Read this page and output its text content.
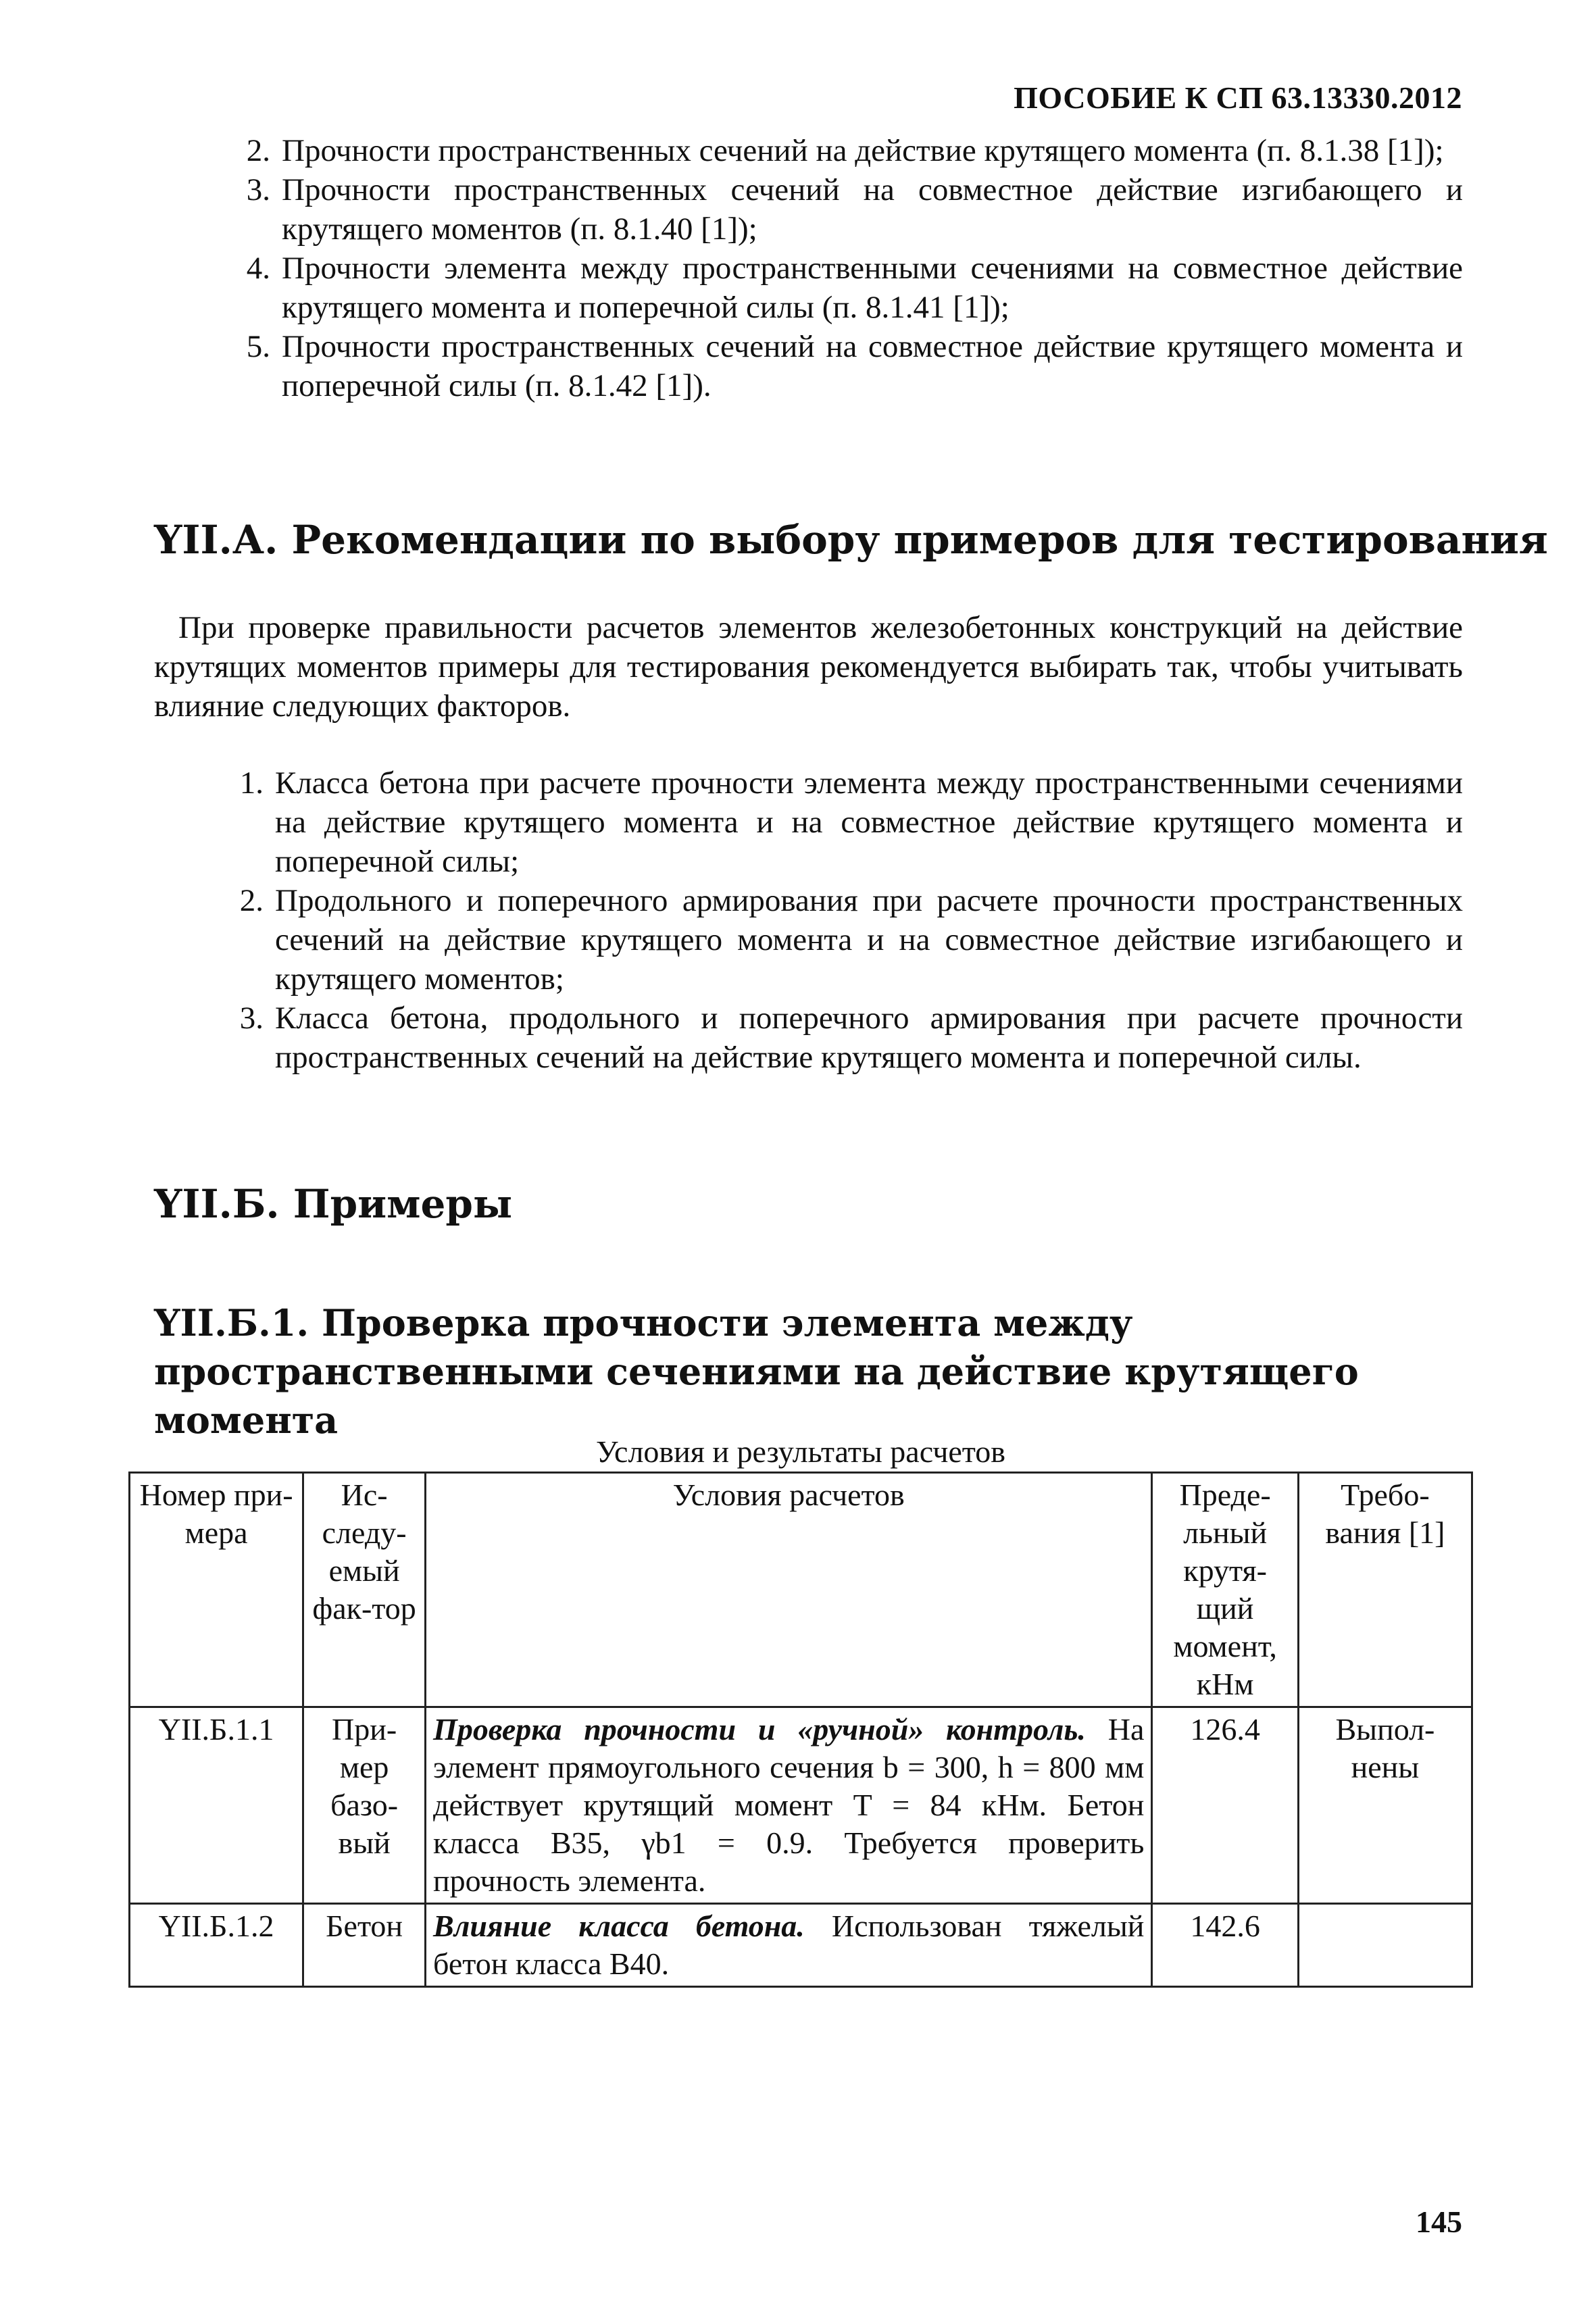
ПОСОБИЕ К СП 63.13330.2012
2. Прочности пространственных сечений на действие крутящего момента (п. 8.1.38 [1]);
3. Прочности пространственных сечений на совместное действие изгибающего и крутящего моментов (п. 8.1.40 [1]);
4. Прочности элемента между пространственными сечениями на совместное действие крутящего момента и поперечной силы (п. 8.1.41 [1]);
5. Прочности пространственных сечений на совместное действие крутящего момента и поперечной силы (п. 8.1.42 [1]).
YII.А. Рекомендации по выбору примеров для тестирования
При проверке правильности расчетов элементов железобетонных конструкций на действие крутящих моментов примеры для тестирования рекомендуется выбирать так, чтобы учитывать влияние следующих факторов.
1. Класса бетона при расчете прочности элемента между пространственными сечениями на действие крутящего момента и на совместное действие крутящего момента и поперечной силы;
2. Продольного и поперечного армирования при расчете прочности пространственных сечений на действие крутящего момента и на совместное действие изгибающего и крутящего моментов;
3. Класса бетона, продольного и поперечного армирования при расчете прочности пространственных сечений на действие крутящего момента и поперечной силы.
YII.Б. Примеры
YII.Б.1. Проверка прочности элемента между пространственными сечениями на действие крутящего момента
Условия и результаты расчетов
Номер при-мера	Ис-следу-емый фак-тор	Условия расчетов	Преде-льный крутя-щий момент, кНм	Требо-вания [1]
YII.Б.1.1	При-мер базо-вый	Проверка прочности и «ручной» контроль. На элемент прямоугольного сечения b = 300, h = 800 мм действует крутящий момент T = 84 кНм. Бетон класса В35, γb1 = 0.9. Требуется проверить прочность элемента.	126.4	Выпол-нены
YII.Б.1.2	Бетон	Влияние класса бетона. Использован тяжелый бетон класса В40.	142.6	
145
